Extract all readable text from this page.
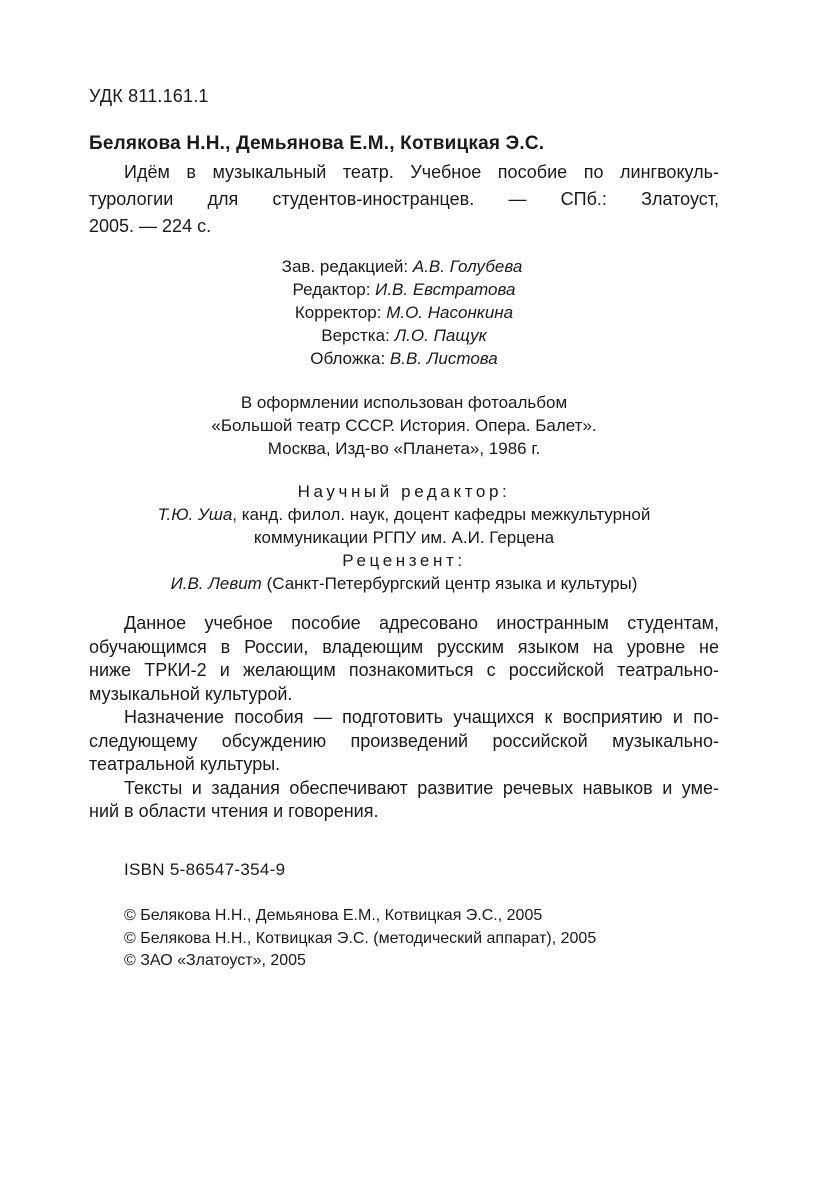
УДК 811.161.1
Белякова Н.Н., Демьянова Е.М., Котвицкая Э.С.
Идём в музыкальный театр. Учебное пособие по лингвокуль-
турологии для студентов-иностранцев. — СПб.: Златоуст,
2005. — 224 с.
Зав. редакцией: А.В. Голубева
Редактор: И.В. Евстратова
Корректор: М.О. Насонкина
Верстка: Л.О. Пащук
Обложка: В.В. Листова
В оформлении использован фотоальбом
«Большой театр СССР. История. Опера. Балет».
Москва, Изд-во «Планета», 1986 г.
Научный редактор:
Т.Ю. Уша, канд. филол. наук, доцент кафедры межкультурной
коммуникации РГПУ им. А.И. Герцена
Рецензент:
И.В. Левит (Санкт-Петербургский центр языка и культуры)

Данное учебное пособие адресовано иностранным студентам,
обучающимся в России, владеющим русским языком на уровне не
ниже ТРКИ-2 и желающим познакомиться с российской театрально-
музыкальной культурой.

Назначение пособия — подготовить учащихся к восприятию и по-
следующему обсуждению произведений российской музыкально-
театральной культуры.

Тексты и задания обеспечивают развитие речевых навыков и уме-
ний в области чтения и говорения.

ISBN 5-86547-354-9
© Белякова Н.Н., Демьянова Е.М., Котвицкая Э.С., 2005
© Белякова Н.Н., Котвицкая Э.С. (методический аппарат), 2005
© ЗАО «Златоуст», 2005
